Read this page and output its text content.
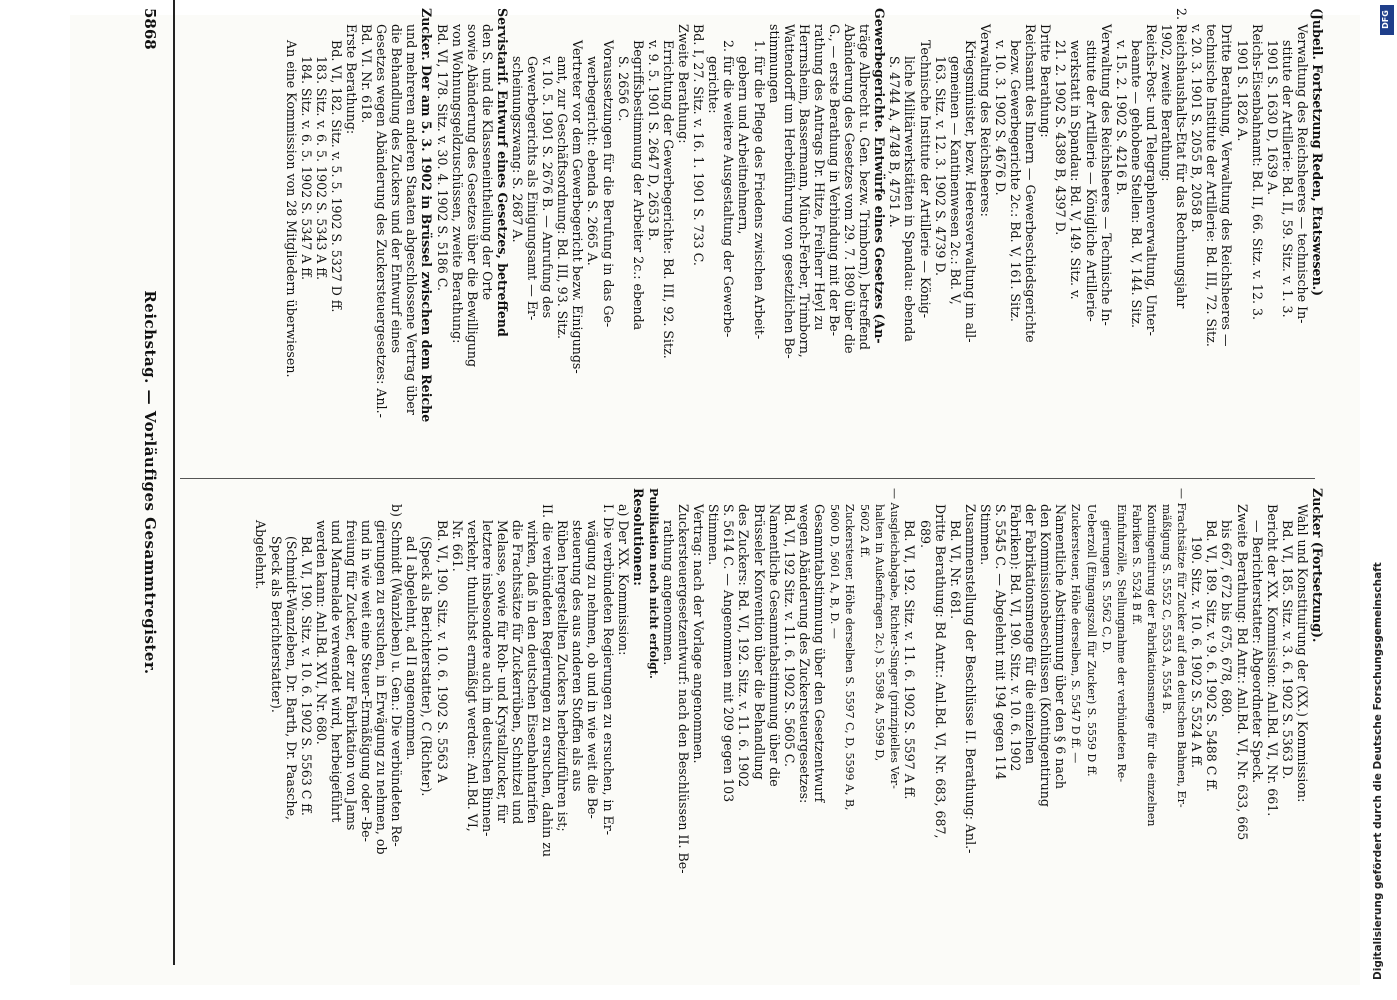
(Jubeil. Fortsetzung Reden, Etatswesen.)
Verwaltung des Reichsheeres — technische In-
stitute der Artillerie: Bd. II, 59. Sitz. v. 1. 3.
1901 S. 1630 D, 1639 A.
Reichs-Eisenbahnamt: Bd. II, 66. Sitz. v. 12. 3.
1901 S. 1826 A.
Dritte Berathung, Verwaltung des Reichsheeres —
technische Institute der Artillerie: Bd. III, 72. Sitz.
v. 20. 3. 1901 S. 2055 B, 2058 B.
2. Reichshaushalts-Etat für das Rechnungsjahr
1902, zweite Berathung:
Reichs-Post- und Telegraphenverwaltung, Unter-
beamte — gehobene Stellen: Bd. V, 144. Sitz.
v. 15. 2. 1902 S. 4216 B.
Verwaltung des Reichsheeres — Technische In-
stitute der Artillerie — Königliche Artillerie-
werkstatt in Spandau: Bd. V, 149. Sitz. v.
21. 2. 1902 S. 4389 B, 4397 D.
Dritte Berathung:
Reichsamt des Innern — Gewerbeschiedsgerichte
bezw. Gewerbegerichte 2c.: Bd. V, 161. Sitz.
v. 10. 3. 1902 S. 4676 D.
Verwaltung des Reichsheeres:
Kriegsminister, bezw. Heeresverwaltung im all-
gemeinen — Kantinenwesen 2c.: Bd. V,
163. Sitz. v. 12. 3. 1902 S. 4739 D.
Technische Institute der Artillerie — König-
liche Militärwerkstätten in Spandau: ebenda
S. 4744 A, 4748 B, 4751 A.
Gewerbegerichte. Entwürfe eines Gesetzes (An-
träge Albrecht u. Gen. bezw. Trimborn), betreffend
Abänderung des Gesetzes vom 29. 7. 1890 über die
G., — erste Berathung in Verbindung mit der Be-
rathung des Antrags Dr. Hitze, Freiherr Heyl zu
Herrnsheim, Bassermann, Münch-Ferber, Trimborn,
Wattendorff um Herbeiführung von gesetzlichen Be-
stimmungen
1. für die Pflege des Friedens zwischen Arbeit-
gebern und Arbeitnehmern,
2. für die weitere Ausgestaltung der Gewerbe-
gerichte:
Bd. I, 27. Sitz. v. 16. 1. 1901 S. 733 C.
Zweite Berathung:
Errichtung der Gewerbegerichte: Bd. III, 92. Sitz.
v. 9. 5. 1901 S. 2647 D, 2653 B.
Begriffsbestimmung der Arbeiter 2c.: ebenda
S. 2656 C.
Voraussetzungen für die Berufung in das Ge-
werbegericht: ebenda S. 2665 A.
Vertreter vor dem Gewerbegericht bezw. Einigungs-
amt, zur Geschäftsordnung: Bd. III, 93. Sitz.
v. 10. 5. 1901 S. 2676 B. — Anrufung des
Gewerbegerichts als Einigungsamt — Er-
scheinungszwang: S. 2687 A.
Servistarif. Entwurf eines Gesetzes, betreffend
den S. und die Klasseneintheilung der Orte
sowie Abänderung des Gesetzes über die Bewilligung
von Wohnungsgeldzuschüssen, zweite Berathung:
Bd. VI, 178. Sitz. v. 30. 4. 1902 S. 5186 C.
Zucker. Der am 5. 3. 1902 in Brüssel zwischen dem Reiche
und mehreren anderen Staaten abgeschlossene Vertrag über
die Behandlung des Zuckers und der Entwurf eines
Gesetzes wegen Abänderung des Zuckersteuergesetzes: Anl.-
Bd. VI. Nr. 618.
Erste Berathung:
Bd. VI, 182. Sitz. v. 5. 5. 1902 S. 5327 D ff.
183. Sitz. v. 6. 5. 1902 S. 5343 A ff.
184. Sitz. v. 6. 5. 1902 S. 5347 A ff.
An eine Kommission von 28 Mitgliedern überwiesen.
Zucker (Fortsetzung).
Wahl und Konstituirung der (XX.) Kommission:
Bd. VI, 185. Sitz. v. 3. 6. 1902 S. 5363 D.
Bericht der XX. Kommission: Anl.Bd. VI, Nr. 661.
— Berichterstatter: Abgeordneter Speck.
Zweite Berathung: Bd Antr.: Anl.Bd. VI, Nr. 633, 665
bis 667, 672 bis 675, 678, 680.
Bd. VI, 189. Sitz. v. 9. 6. 1902 S. 5488 C ff.
190. Sitz. v. 10. 6. 1902 S. 5524 A ff.
— Frachtsätze für Zucker auf den deutschen Bahnen, Er-
mäßigung S. 5552 C, 5553 A, 5554 B.
Kontingentirung der Fabrikationsmenge für die einzelnen
Fabriken S. 5524 B ff.
Einfuhrzölle, Stellungnahme der verbündeten Re-
gierungen S. 5562 C, D.
Ueberzoll (Eingangszoll für Zucker) S. 5559 D ff.
Zuckersteuer, Höhe derselben, S. 5547 D ff. —
Namentliche Abstimmung über den § 6 nach
den Kommissionsbeschlüssen (Kontingentirung
der Fabrikationsmenge für die einzelnen
Fabriken): Bd. VI, 190. Sitz. v. 10. 6. 1902
S. 5545 C. — Abgelehnt mit 194 gegen 114
Stimmen.
Zusammenstellung der Beschlüsse II. Berathung: Anl.-
Bd. VI, Nr. 681.
Dritte Berathung: Bd Antr.: Anl.Bd. VI, Nr. 683, 687,
689.
Bd. VI, 192. Sitz. v. 11. 6. 1902 S. 5597 A ff.
— Ausgleichabgabe, Richter-Singer (prinzipielles Ver-
halten in Außenfragen 2c.) S. 5598 A, 5599 D,
5602 A ff.
Zuckersteuer, Höhe derselben S. 5597 C, D, 5599 A, B,
5600 D, 5601 A, B, D. —
Gesammtabstimmung über den Gesetzentwurf
wegen Abänderung des Zuckersteuergesetzes:
Bd. VI, 192 Sitz. v. 11. 6. 1902 S. 5605 C.
Namentliche Gesammtabstimmung über die
Brüsseler Konvention über die Behandlung
des Zuckers: Bd. VI, 192. Sitz. v. 11. 6. 1902
S. 5614 C. — Angenommen mit 209 gegen 103
Stimmen.
Vertrag: nach der Vorlage angenommen.
Zuckersteuergesetzentwurf: nach den Beschlüssen II. Be-
rathung angenommen.
Publikation noch nicht erfolgt.
Resolutionen:
a) Der XX. Kommission:
I. Die verbündeten Regierungen zu ersuchen, in Er-
wägung zu nehmen, ob und in wie weit die Be-
steuerung des aus anderen Stoffen als aus
Rüben hergestellten Zuckers herbeizuführen ist;
II. die verbündeten Regierungen zu ersuchen, dahin zu
wirken, daß in den deutschen Eisenbahntarifen
die Frachtsätze für Zuckerrüben, Schnitzel und
Melasse, sowie für Roh- und Krystallzucker, für
letztere insbesondere auch im deutschen Binnen-
verkehr, thunlichst ermäßigt werden: Anl.Bd. VI,
Nr. 661.
Bd. VI, 190. Sitz. v. 10. 6. 1902 S. 5563 A
(Speck als Berichterstatter), C (Richter).
ad I abgelehnt, ad II angenommen.
b) Schmidt (Wanzleben) u. Gen.: Die verbündeten Re-
gierungen zu ersuchen, in Erwägung zu nehmen, ob
und in wie weit eine Steuer-Ermäßigung oder -Be-
freiung für Zucker, der zur Fabrikation von Jams
und Marmelade verwendet wird, herbeigeführt
werden kann: Anl.Bd. XVI, Nr. 680.
Bd. VI, 190. Sitz. v. 10. 6. 1902 S. 5563 C ff.
(Schmidt-Wanzleben, Dr. Barth, Dr. Paasche,
Speck als Berichterstatter).
Abgelehnt.
5868
Reichstag. — Vorläufiges Gesammtregister.
DFG
Digitalisierung gefördert durch die Deutsche Forschungsgemeinschaft
